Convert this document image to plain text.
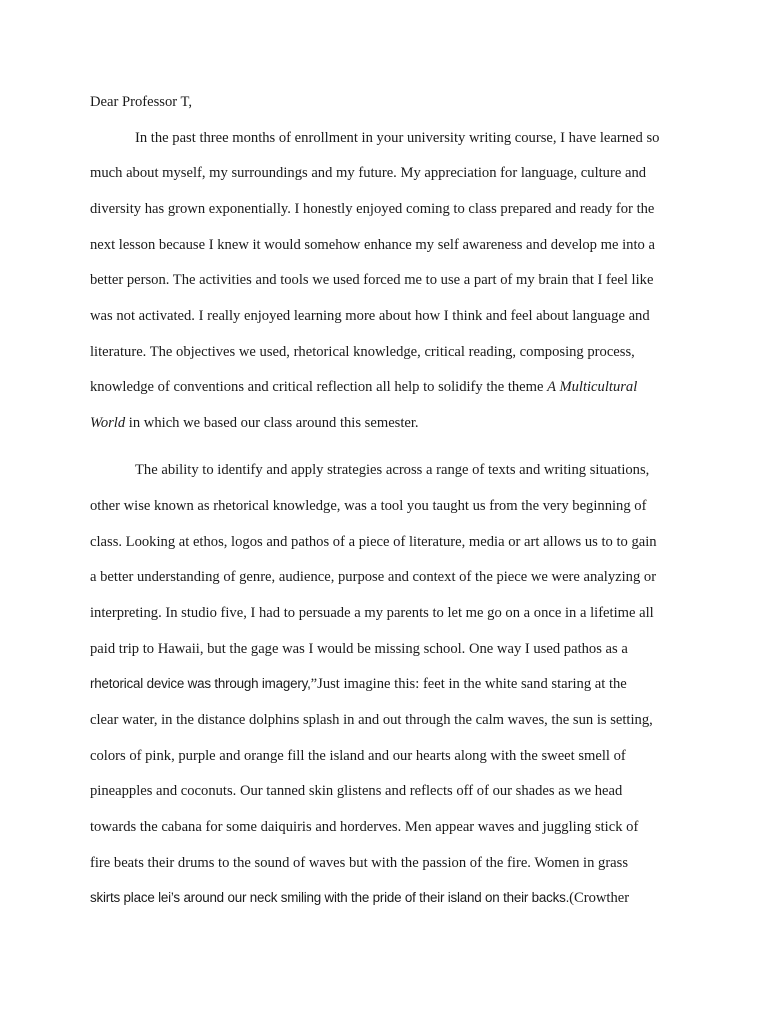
Dear Professor T,
In the past three months of enrollment in your university writing course, I have learned so
much about myself, my surroundings and my future. My appreciation for language, culture and
diversity has grown exponentially. I honestly enjoyed coming to class prepared and ready for the
next lesson because I knew it would somehow enhance my self awareness and develop me into a
better person. The activities and tools we used forced me to use a part of my brain that I feel like
was not activated. I really enjoyed learning more about how I think and feel about language and
literature. The objectives we used, rhetorical knowledge, critical reading, composing process,
knowledge of conventions and critical reflection all help to solidify the theme A Multicultural
World in which we based our class around this semester.
The ability to identify and apply strategies across a range of texts and writing situations,
other wise known as rhetorical knowledge, was a tool you taught us from the very beginning of
class. Looking at ethos, logos and pathos of a piece of literature, media or art allows us to to gain
a better understanding of genre, audience, purpose and context of the piece we were analyzing or
interpreting. In studio five, I had to persuade a my parents to let me go on a once in a lifetime all
paid trip to Hawaii, but the gage was I would be missing school. One way I used pathos as a
rhetorical device was through imagery,”Just imagine this: feet in the white sand staring at the
clear water, in the distance dolphins splash in and out through the calm waves, the sun is setting,
colors of pink, purple and orange fill the island and our hearts along with the sweet smell of
pineapples and coconuts. Our tanned skin glistens and reflects off of our shades as we head
towards the cabana for some daiquiris and horderves. Men appear waves and juggling stick of
fire beats their drums to the sound of waves but with the passion of the fire. Women in grass
skirts place lei’s around our neck smiling with the pride of their island on their backs.(Crowther
